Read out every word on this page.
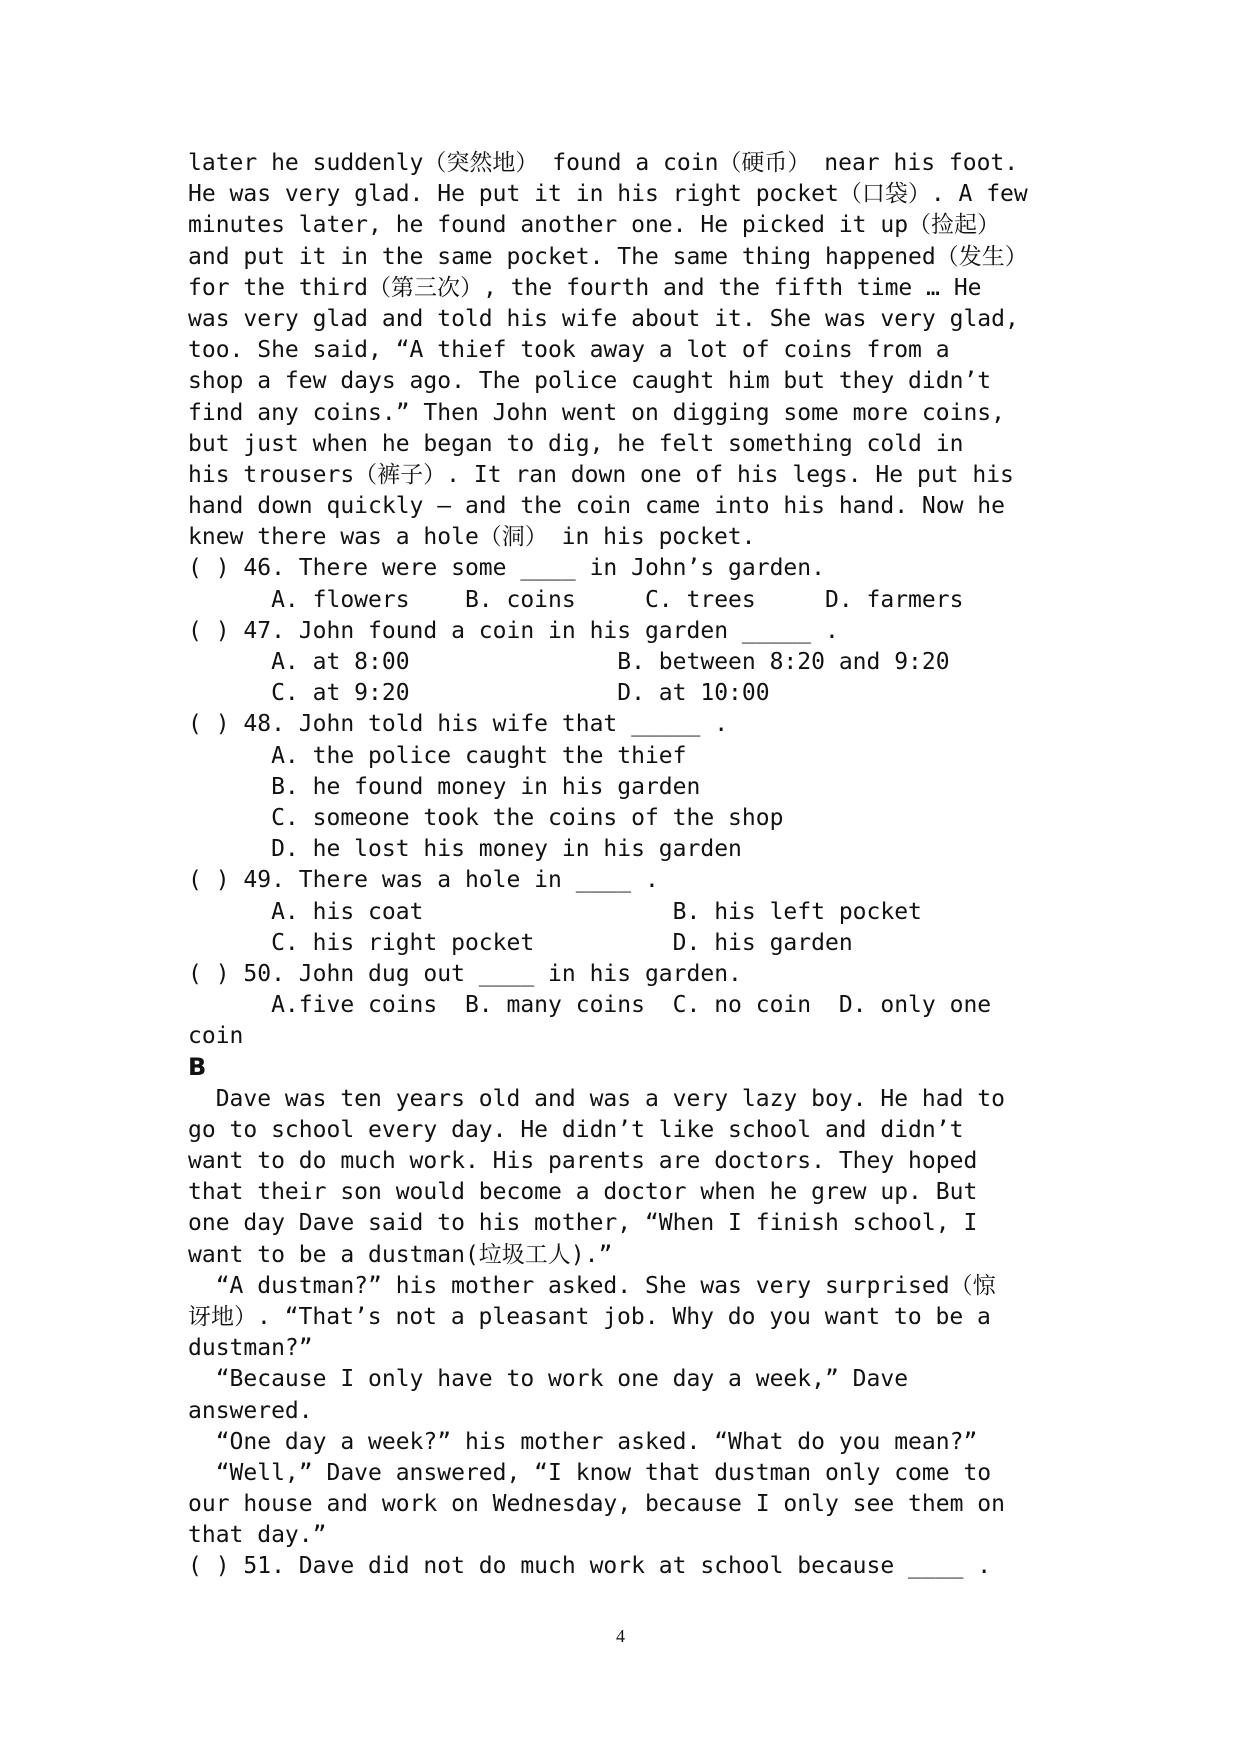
later he suddenly（突然地） found a coin（硬币） near his foot.
He was very glad. He put it in his right pocket（口袋）. A few
minutes later, he found another one. He picked it up（捡起）
and put it in the same pocket. The same thing happened（发生）
for the third（第三次）, the fourth and the fifth time … He
was very glad and told his wife about it. She was very glad,
too. She said, “A thief took away a lot of coins from a
shop a few days ago. The police caught him but they didn’t
find any coins.” Then John went on digging some more coins,
but just when he began to dig, he felt something cold in
his trousers（裤子）. It ran down one of his legs. He put his
hand down quickly – and the coin came into his hand. Now he
knew there was a hole（洞） in his pocket.
( ) 46. There were some ____ in John’s garden.
A. flowers    B. coins     C. trees     D. farmers
( ) 47. John found a coin in his garden _____ .
A. at 8:00               B. between 8:20 and 9:20
C. at 9:20               D. at 10:00
( ) 48. John told his wife that _____ .
A. the police caught the thief
B. he found money in his garden
C. someone took the coins of the shop
D. he lost his money in his garden
( ) 49. There was a hole in ____ .
A. his coat                  B. his left pocket
C. his right pocket          D. his garden
( ) 50. John dug out ____ in his garden.
A.five coins  B. many coins  C. no coin  D. only one
coin
B
Dave was ten years old and was a very lazy boy. He had to
go to school every day. He didn’t like school and didn’t
want to do much work. His parents are doctors. They hoped
that their son would become a doctor when he grew up. But
one day Dave said to his mother, “When I finish school, I
want to be a dustman(垃圾工人).”
“A dustman?” his mother asked. She was very surprised（惊
讶地）. “That’s not a pleasant job. Why do you want to be a
dustman?”
“Because I only have to work one day a week,” Dave
answered.
“One day a week?” his mother asked. “What do you mean?”
“Well,” Dave answered, “I know that dustman only come to
our house and work on Wednesday, because I only see them on
that day.”
( ) 51. Dave did not do much work at school because ____ .
4
